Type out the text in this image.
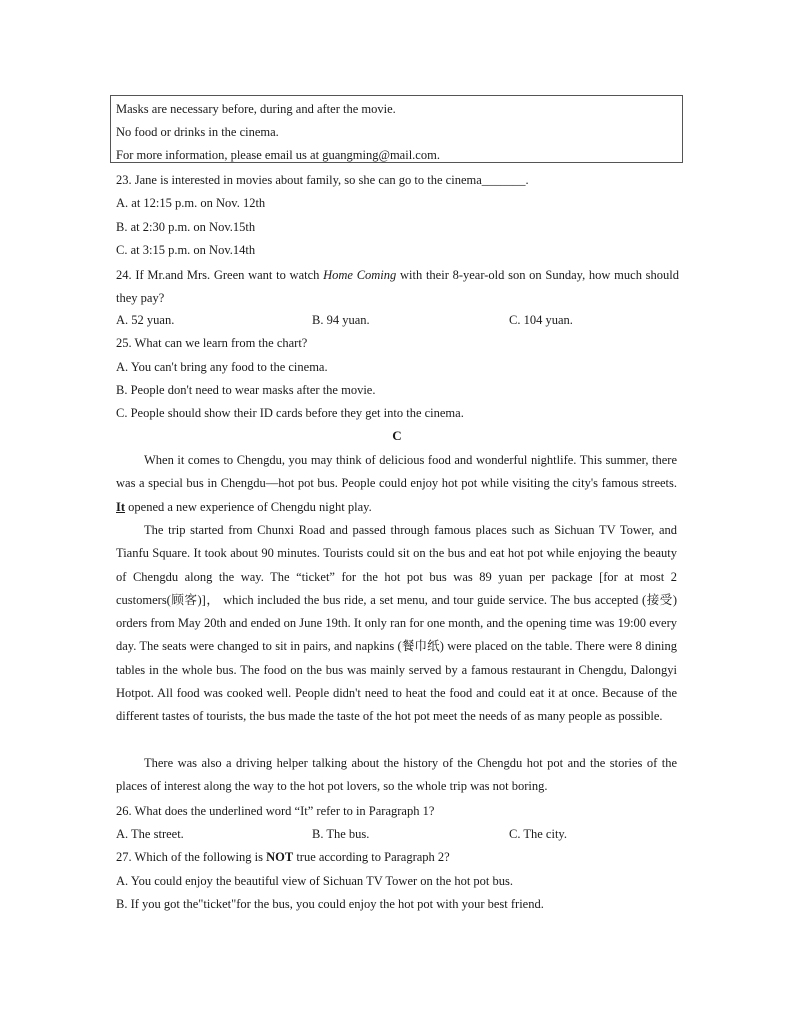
Masks are necessary before, during and after the movie.
No food or drinks in the cinema.
For more information, please email us at guangming@mail.com.
23. Jane is interested in movies about family, so she can go to the cinema_______.
A. at 12:15 p.m. on Nov. 12th
B. at 2:30 p.m. on Nov.15th
C. at 3:15 p.m. on Nov.14th

24. If Mr.and Mrs. Green want to watch Home Coming with their 8-year-old son on Sunday, how much should they pay?

A. 52 yuan.	B. 94 yuan.	C. 104 yuan.
25. What can we learn from the chart?
A. You can't bring any food to the cinema.
B. People don't need to wear masks after the movie.
C. People should show their ID cards before they get into the cinema.
C

When it comes to Chengdu, you may think of delicious food and wonderful nightlife. This summer, there was a special bus in Chengdu—hot pot bus. People could enjoy hot pot while visiting the city's famous streets. It opened a new experience of Chengdu night play.

The trip started from Chunxi Road and passed through famous places such as Sichuan TV Tower, and Tianfu Square. It took about 90 minutes. Tourists could sit on the bus and eat hot pot while enjoying the beauty of Chengdu along the way. The “ticket” for the hot pot bus was 89 yuan per package [for at most 2 customers(顾客)]， which included the bus ride, a set menu, and tour guide service. The bus accepted (接受) orders from May 20th and ended on June 19th. It only ran for one month, and the opening time was 19:00 every day. The seats were changed to sit in pairs, and napkins (餐巾纸) were placed on the table. There were 8 dining tables in the whole bus. The food on the bus was mainly served by a famous restaurant in Chengdu, Dalongyi Hotpot. All food was cooked well. People didn't need to heat the food and could eat it at once. Because of the different tastes of tourists, the bus made the taste of the hot pot meet the needs of as many people as possible.

There was also a driving helper talking about the history of the Chengdu hot pot and the stories of the places of interest along the way to the hot pot lovers, so the whole trip was not boring.

26. What does the underlined word “It” refer to in Paragraph 1?
A. The street.	B. The bus.	C. The city.
27. Which of the following is NOT true according to Paragraph 2?
A. You could enjoy the beautiful view of Sichuan TV Tower on the hot pot bus.
B. If you got the"ticket"for the bus, you could enjoy the hot pot with your best friend.
